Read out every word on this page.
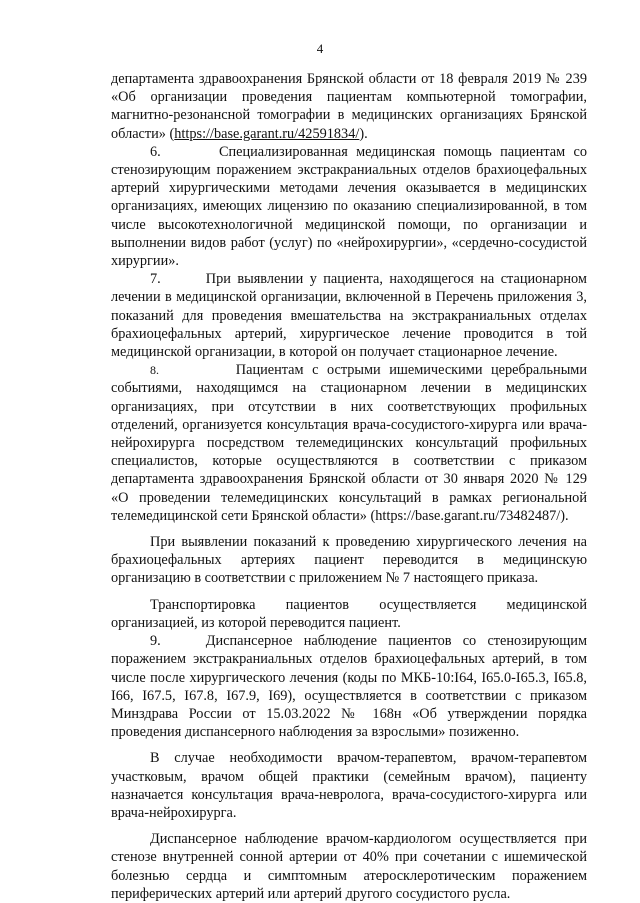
4

департамента здравоохранения Брянской области от 18 февраля 2019 № 239 «Об организации проведения пациентам компьютерной томографии, магнитно-резонансной томографии в медицинских организациях Брянской области» (https://base.garant.ru/42591834/).

6.	Специализированная медицинская помощь пациентам со стенозирующим поражением экстракраниальных отделов брахиоцефальных артерий хирургическими методами лечения оказывается в медицинских организациях, имеющих лицензию по оказанию специализированной, в том числе высокотехнологичной медицинской помощи, по организации и выполнении видов работ (услуг) по «нейрохирургии», «сердечно-сосудистой хирургии».

7.	При выявлении у пациента, находящегося на стационарном лечении в медицинской организации, включенной в Перечень приложения 3, показаний для проведения вмешательства на экстракраниальных отделах брахиоцефальных артерий, хирургическое лечение проводится в той медицинской организации, в которой он получает стационарное лечение.

8.	Пациентам с острыми ишемическими церебральными событиями, находящимся на стационарном лечении в медицинских организациях, при отсутствии в них соответствующих профильных отделений, организуется консультация врача-сосудистого-хирурга или врача-нейрохирурга посредством телемедицинских консультаций профильных специалистов, которые осуществляются в соответствии с приказом департамента здравоохранения Брянской области от 30 января 2020 № 129 «О проведении телемедицинских консультаций в рамках региональной телемедицинской сети Брянской области» (https://base.garant.ru/73482487/).

При выявлении показаний к проведению хирургического лечения на брахиоцефальных артериях пациент переводится в медицинскую организацию в соответствии с приложением № 7 настоящего приказа.

Транспортировка пациентов осуществляется медицинской организацией, из которой переводится пациент.

9.	Диспансерное наблюдение пациентов со стенозирующим поражением экстракраниальных отделов брахиоцефальных артерий, в том числе после хирургического лечения (коды по МКБ-10:I64, I65.0-I65.3, I65.8, I66, I67.5, I67.8, I67.9, I69), осуществляется в соответствии с приказом Минздрава России от 15.03.2022 № 168н «Об утверждении порядка проведения диспансерного наблюдения за взрослыми» позиженно.

В случае необходимости врачом-терапевтом, врачом-терапевтом участковым, врачом общей практики (семейным врачом), пациенту назначается консультация врача-невролога, врача-сосудистого-хирурга или врача-нейрохирурга.

Диспансерное наблюдение врачом-кардиологом осуществляется при стенозе внутренней сонной артерии от 40% при сочетании с ишемической болезнью сердца и симптомным атеросклеротическим поражением периферических артерий или артерий другого сосудистого русла.
